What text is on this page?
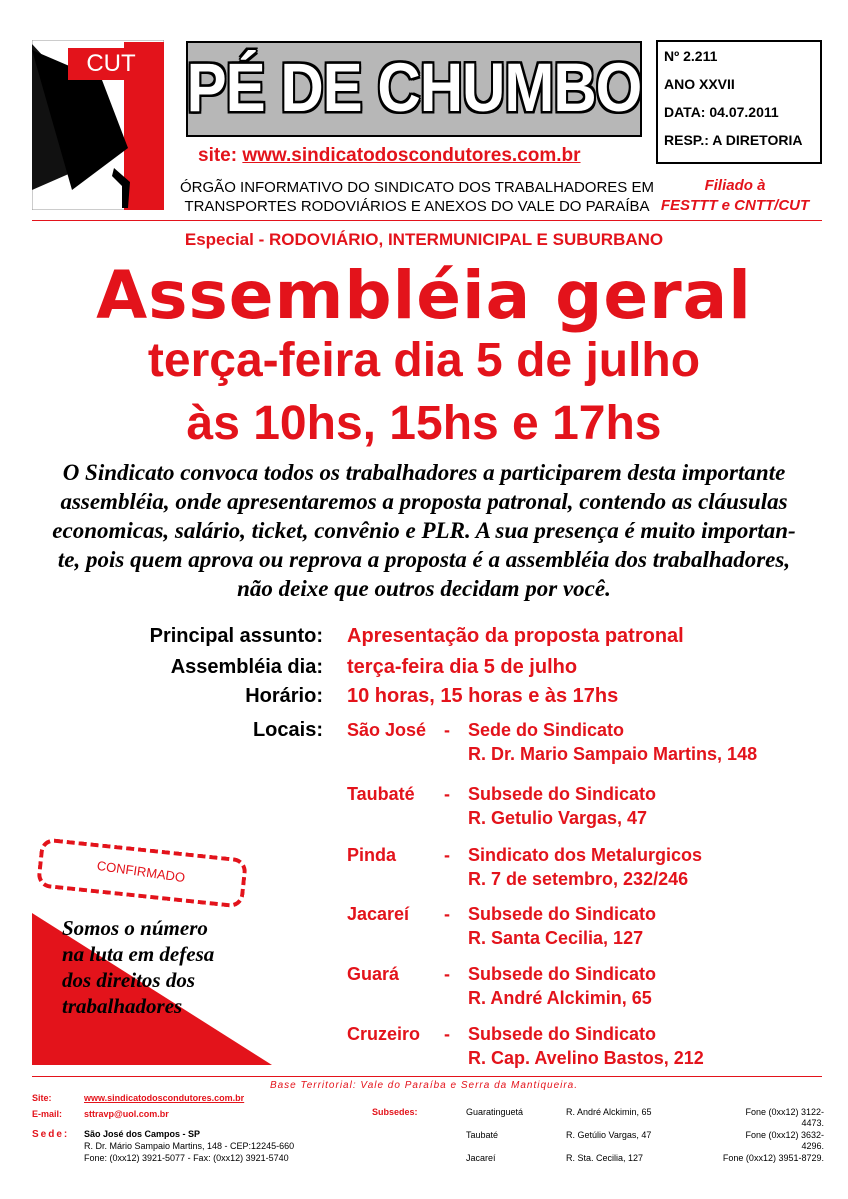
CUT PÉ DE CHUMBO Nº 2.211
ANO XXVII
DATA: 04.07.2011
RESP.: A DIRETORIA
site: www.sindicatodoscondutores.com.br
ÓRGÃO INFORMATIVO DO SINDICATO DOS TRABALHADORES EM
TRANSPORTES RODOVIÁRIOS E ANEXOS DO VALE DO PARAÍBA
Filiado à
FESTTT e CNTT/CUT
Especial - RODOVIÁRIO, INTERMUNICIPAL E SUBURBANO
Assembléia geral
terça-feira dia 5 de julho
às 10hs, 15hs e 17hs
O Sindicato convoca todos os trabalhadores a participarem desta importante
assembléia, onde apresentaremos a proposta patronal, contendo as cláusulas
economicas, salário, ticket, convênio e PLR. A sua presença é muito importan-
te, pois quem aprova ou reprova a proposta é a assembléia dos trabalhadores,
não deixe que outros decidam por você.
Principal assunto: Apresentação da proposta patronal
Assembléia dia: terça-feira dia 5 de julho
Horário: 10 horas, 15 horas e às 17hs
Locais: São José - Sede do Sindicato
R. Dr. Mario Sampaio Martins, 148
Taubaté - Subsede do Sindicato
R. Getulio Vargas, 47
Pinda	- Sindicato dos Metalurgicos
R. 7 de setembro, 232/246
Jacareí - Subsede do Sindicato
R. Santa Cecilia, 127
Guará - Subsede do Sindicato
R. André Alckimin, 65
Cruzeiro - Subsede do Sindicato
R. Cap. Avelino Bastos, 212
CONFIRMADO
Somos o número
na luta em defesa
dos direitos dos
trabalhadores
Base Territorial: Vale do Paraíba e Serra da Mantiqueira.
Site:	www.sindicatodoscondutores.com.br
E-mail: sttravp@uol.com.br
Sede: São José dos Campos - SP
R. Dr. Mário Sampaio Martins, 148 - CEP:12245-660
Fone: (0xx12) 3921-5077 - Fax: (0xx12) 3921-5740
Subsedes:	Guaratinguetá	R. André Alckimin, 65	Fone (0xx12) 3122-
4473.
Taubaté	R. Getúlio Vargas, 47	Fone (0xx12) 3632-
4296.
Jacareí	R. Sta. Cecilia, 127	Fone (0xx12) 3951-8729.
